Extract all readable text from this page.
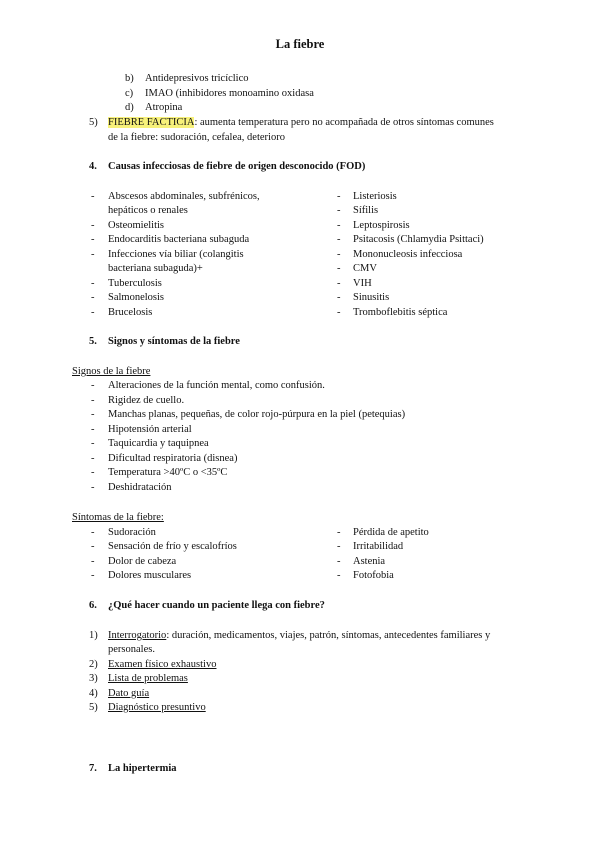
La fiebre
b) Antidepresivos tricíclico
c) IMAO (inhibidores monoamino oxidasa
d) Atropina
5) FIEBRE FACTICIA: aumenta temperatura pero no acompañada de otros síntomas comunes
de la fiebre: sudoración, cefalea, deterioro
4. Causas infecciosas de fiebre de origen desconocido (FOD)
- Abscesos abdominales, subfrénicos,
hepáticos o renales
- Osteomielitis
- Endocarditis bacteriana subaguda
- Infecciones vía biliar (colangitis
bacteriana subaguda)+
- Tuberculosis
- Salmonelosis
- Brucelosis
- Listeriosis
- Sífilis
- Leptospirosis
- Psitacosis (Chlamydia Psittaci)
- Mononucleosis infecciosa
- CMV
- VIH
- Sinusitis
- Tromboflebitis séptica
5. Signos y síntomas de la fiebre
Signos de la fiebre
- Alteraciones de la función mental, como confusión.
- Rigidez de cuello.
- Manchas planas, pequeñas, de color rojo-púrpura en la piel (petequias)
- Hipotensión arterial
- Taquicardia y taquipnea
- Dificultad respiratoria (disnea)
- Temperatura >40ºC o <35ºC
- Deshidratación
Síntomas de la fiebre:
- Sudoración
- Sensación de frío y escalofríos
- Dolor de cabeza
- Dolores musculares
- Pérdida de apetito
- Irritabilidad
- Astenia
- Fotofobia
6. ¿Qué hacer cuando un paciente llega con fiebre?
1) Interrogatorio: duración, medicamentos, viajes, patrón, síntomas, antecedentes familiares y
personales.
2) Examen físico exhaustivo
3) Lista de problemas
4) Dato guía
5) Diagnóstico presuntivo
7. La hipertermia
